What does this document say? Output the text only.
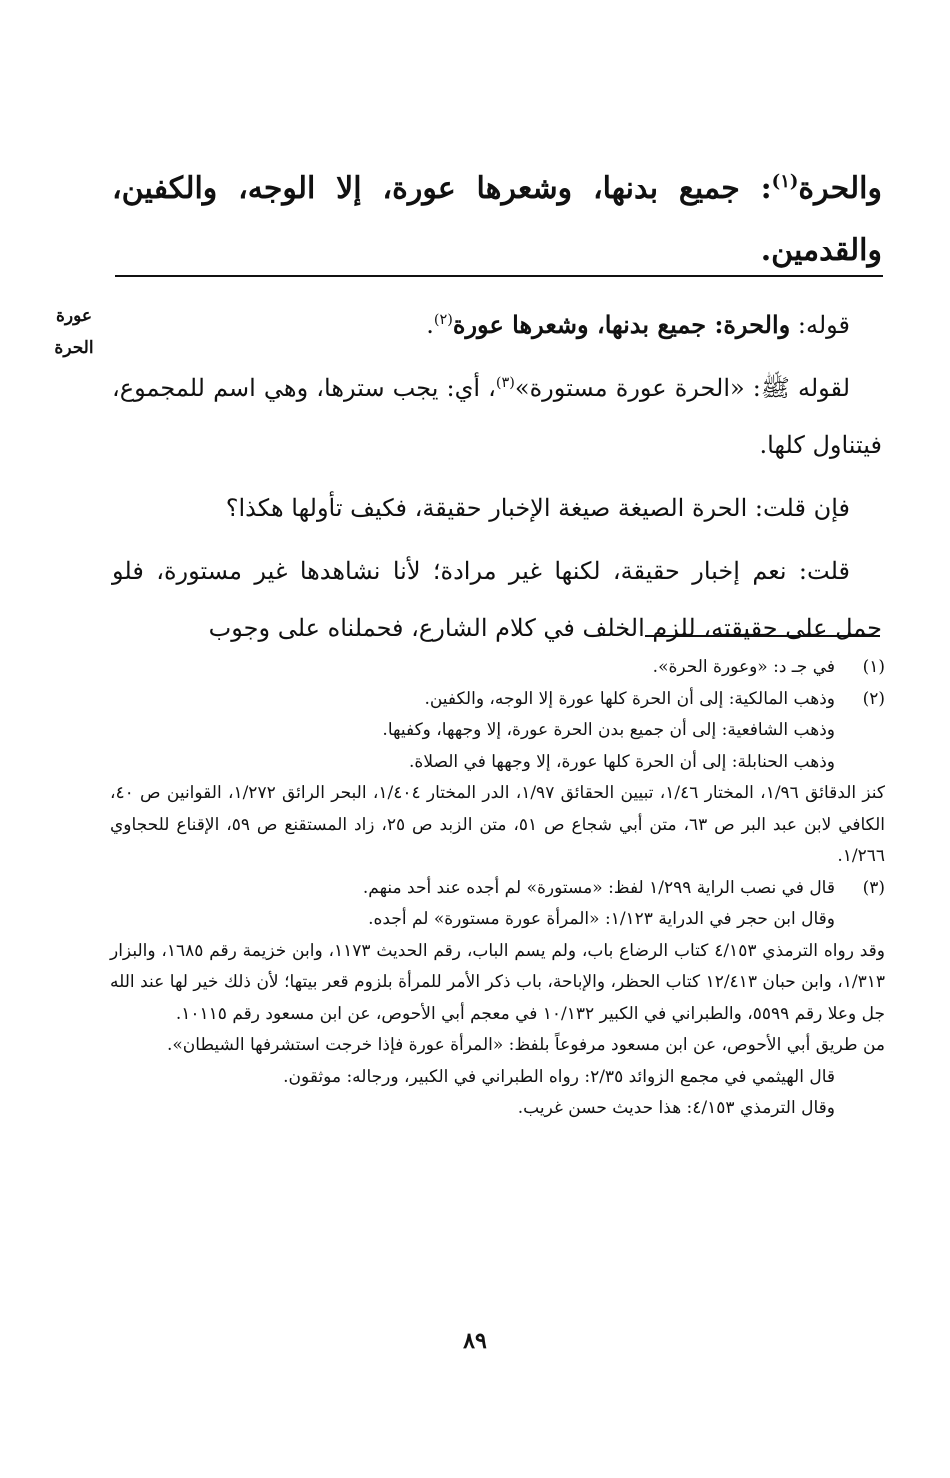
والحرة$^{(١)}$: جميع بدنها، وشعرها عورة، إلا الوجه، والكفين، والقدمين.
عورة
الحرة

قوله: والحرة: جميع بدنها، وشعرها عورة$^{(٢)}$.

لقوله ﷺ: «الحرة عورة مستورة»$^{(٣)}$، أي: يجب سترها، وهي اسم للمجموع، فيتناول كلها.

فإن قلت: الحرة الصيغة صيغة الإخبار حقيقة، فكيف تأولها هكذا؟

قلت: نعم إخبار حقيقة، لكنها غير مرادة؛ لأنا نشاهدها غير مستورة، فلو حمل على حقيقته، للزم الخلف في كلام الشارع، فحملناه على وجوب

(١)

في جـ د: «وعورة الحرة».

(٢)

وذهب المالكية: إلى أن الحرة كلها عورة إلا الوجه، والكفين.

وذهب الشافعية: إلى أن جميع بدن الحرة عورة، إلا وجهها، وكفيها.

وذهب الحنابلة: إلى أن الحرة كلها عورة، إلا وجهها في الصلاة.

كنز الدقائق ١/٩٦، المختار ١/٤٦، تبيين الحقائق ١/٩٧، الدر المختار ١/٤٠٤، البحر الرائق ١/٢٧٢، القوانين ص ٤٠، الكافي لابن عبد البر ص ٦٣، متن أبي شجاع ص ٥١، متن الزبد ص ٢٥، زاد المستقنع ص ٥٩، الإقناع للحجاوي ١/٢٦٦.

(٣)

قال في نصب الراية ١/٢٩٩ لفظ: «مستورة» لم أجده عند أحد منهم.

وقال ابن حجر في الدراية ١/١٢٣: «المرأة عورة مستورة» لم أجده.

وقد رواه الترمذي ٤/١٥٣ كتاب الرضاع باب، ولم يسم الباب، رقم الحديث ١١٧٣، وابن خزيمة رقم ١٦٨٥، والبزار ١/٣١٣، وابن حبان ١٢/٤١٣ كتاب الحظر، والإباحة، باب ذكر الأمر للمرأة بلزوم قعر بيتها؛ لأن ذلك خير لها عند الله جل وعلا رقم ٥٥٩٩، والطبراني في الكبير ١٠/١٣٢ في معجم أبي الأحوص، عن ابن مسعود رقم ١٠١١٥.

من طريق أبي الأحوص، عن ابن مسعود مرفوعاً بلفظ: «المرأة عورة فإذا خرجت استشرفها الشيطان».

قال الهيثمي في مجمع الزوائد ٢/٣٥: رواه الطبراني في الكبير، ورجاله: موثقون.

وقال الترمذي ٤/١٥٣: هذا حديث حسن غريب.

٨٩
